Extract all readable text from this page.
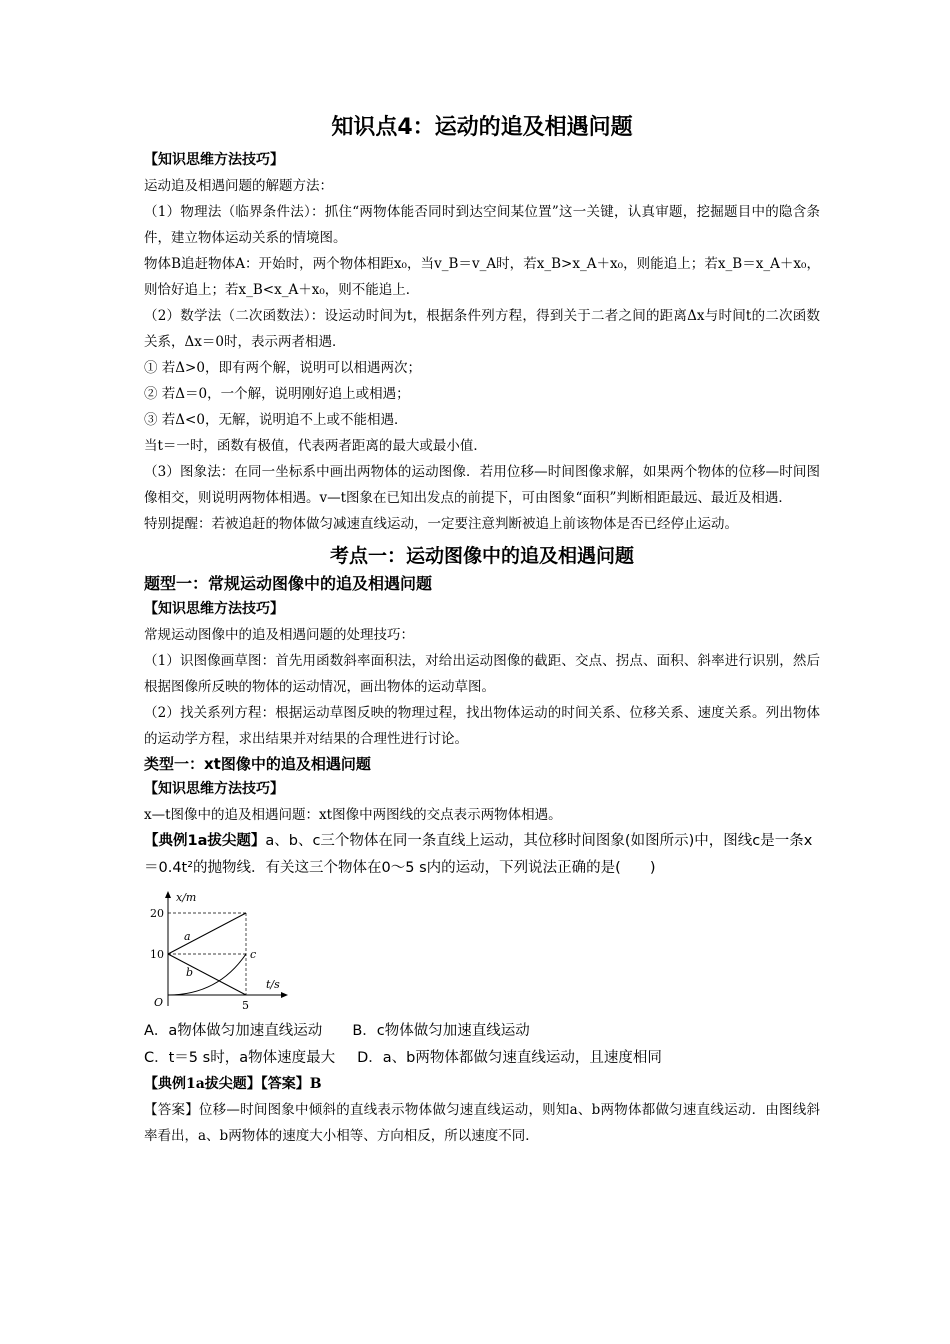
知识点4：运动的追及相遇问题
【知识思维方法技巧】

运动追及相遇问题的解题方法：

（1）物理法（临界条件法）：抓住“两物体能否同时到达空间某位置”这一关键，认真审题，挖掘题目中的隐含条件，建立物体运动关系的情境图。

物体B追赶物体A：开始时，两个物体相距x₀，当v_B＝v_A时，若x_B>x_A＋x₀，则能追上；若x_B＝x_A＋x₀，则恰好追上；若x_B<x_A＋x₀，则不能追上．

（2）数学法（二次函数法）：设运动时间为t，根据条件列方程，得到关于二者之间的距离Δx与时间t的二次函数关系，Δx＝0时，表示两者相遇．

① 若Δ>0，即有两个解，说明可以相遇两次；

② 若Δ＝0，一个解，说明刚好追上或相遇；

③ 若Δ<0，无解，说明追不上或不能相遇．

当t＝一时，函数有极值，代表两者距离的最大或最小值．

（3）图象法：在同一坐标系中画出两物体的运动图像．若用位移—时间图像求解，如果两个物体的位移—时间图像相交，则说明两物体相遇。v—t图象在已知出发点的前提下，可由图象“面积”判断相距最远、最近及相遇．

特别提醒：若被追赶的物体做匀减速直线运动，一定要注意判断被追上前该物体是否已经停止运动。

考点一：运动图像中的追及相遇问题
题型一：常规运动图像中的追及相遇问题
【知识思维方法技巧】

常规运动图像中的追及相遇问题的处理技巧：

（1）识图像画草图：首先用函数斜率面积法，对给出运动图像的截距、交点、拐点、面积、斜率进行识别，然后根据图像所反映的物体的运动情况，画出物体的运动草图。

（2）找关系列方程：根据运动草图反映的物理过程，找出物体运动的时间关系、位移关系、速度关系。列出物体的运动学方程，求出结果并对结果的合理性进行讨论。

类型一：xt图像中的追及相遇问题
【知识思维方法技巧】

x—t图像中的追及相遇问题：xt图像中两图线的交点表示两物体相遇。

【典例1a拔尖题】a、b、c三个物体在同一条直线上运动，其位移时间图象(如图所示)中，图线c是一条x＝0.4t²的抛物线．有关这三个物体在0～5 s内的运动，下列说法正确的是(　　)
x/m
t/s
20
10
O	5
a
b
c
A．a物体做匀加速直线运动 B．c物体做匀加速直线运动
C．t＝5 s时，a物体速度最大 D．a、b两物体都做匀速直线运动，且速度相同
【典例1a拔尖题】【答案】B

【答案】位移—时间图象中倾斜的直线表示物体做匀速直线运动，则知a、b两物体都做匀速直线运动．由图线斜率看出，a、b两物体的速度大小相等、方向相反，所以速度不同．
